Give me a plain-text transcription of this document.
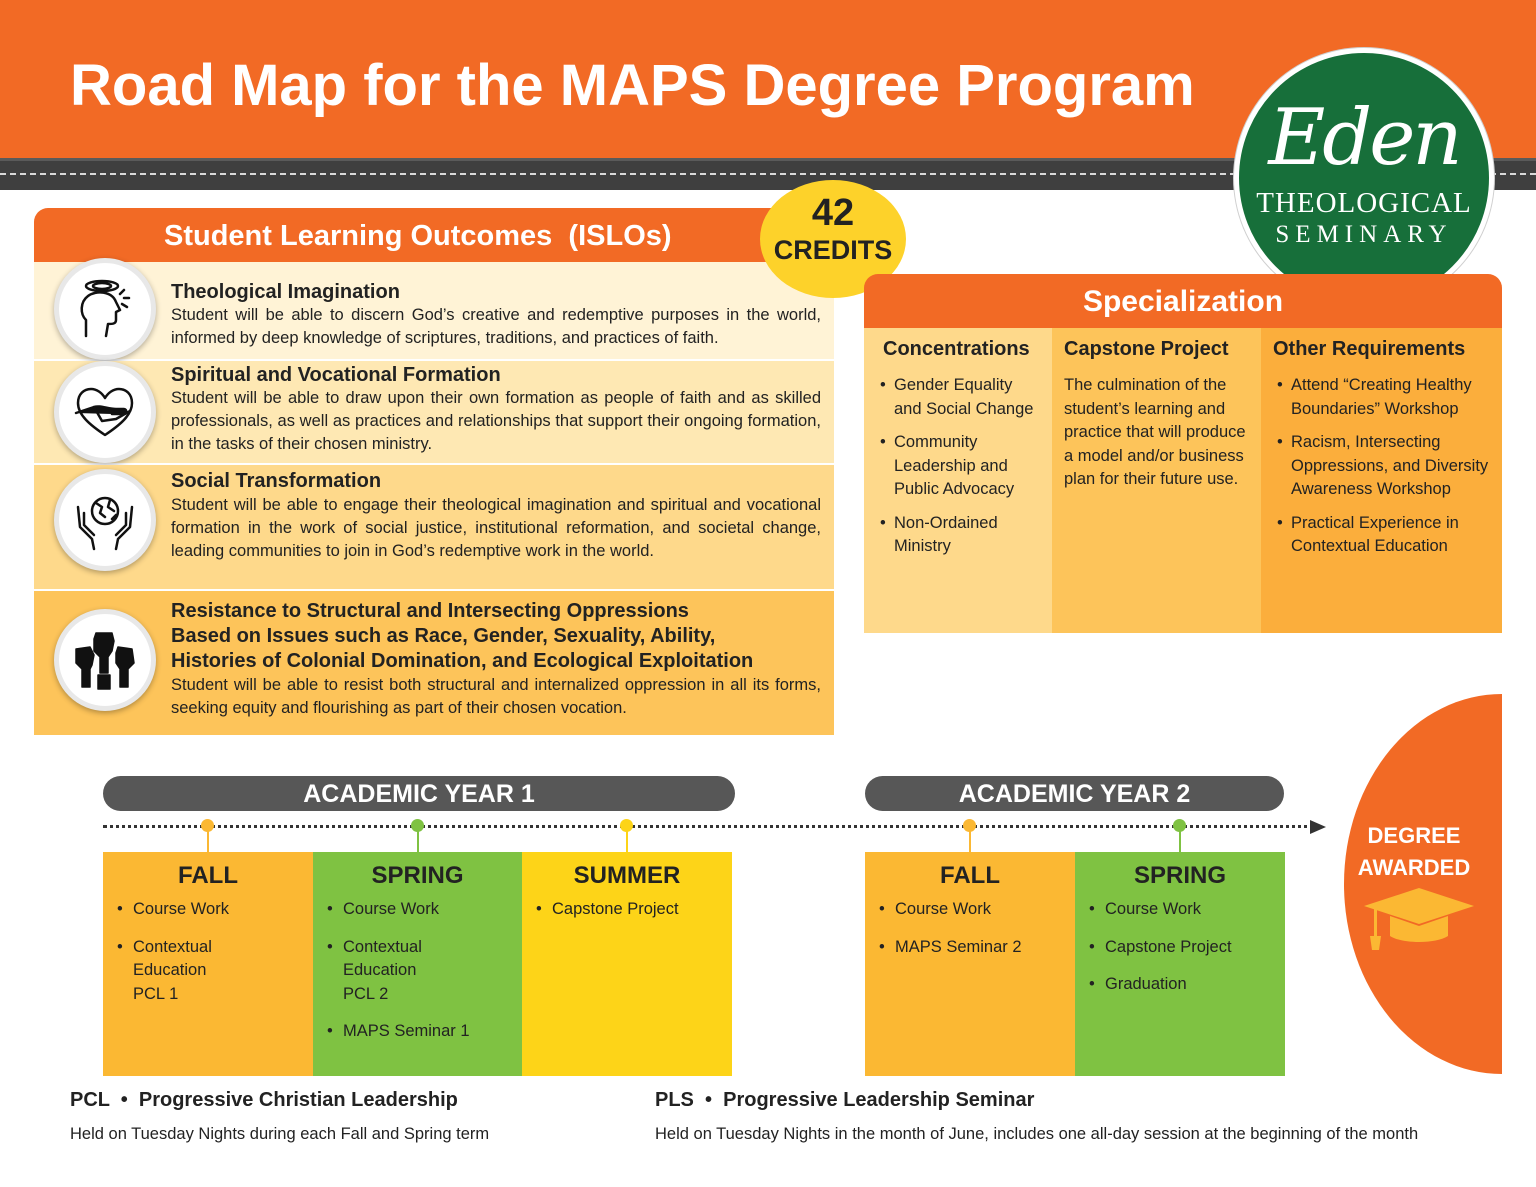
Road Map for the MAPS Degree Program
Eden
THEOLOGICAL
SEMINARY
Student Learning Outcomes  (ISLOs)
Theological Imagination
Student will be able to discern God’s creative and redemptive purposes in the world, informed by deep knowledge of scriptures, traditions, and practices of faith.
Spiritual and Vocational Formation
Student will be able to draw upon their own formation as people of faith and as skilled professionals, as well as practices and relationships that support their ongoing formation, in the tasks of their chosen ministry.
Social Transformation
Student will be able to engage their theological imagination and spiritual and vocational formation in the work of social justice, institutional reformation, and societal change, leading communities to join in God’s redemptive work in the world.
Resistance to Structural and Intersecting Oppressions
Based on Issues such as Race, Gender, Sexuality, Ability,
Histories of Colonial Domination, and Ecological Exploitation
Student will be able to resist both structural and internalized oppression in all its forms, seeking equity and flourishing as part of their chosen vocation.
42
CREDITS
Specialization
Concentrations
• Gender Equality and Social Change
• Community Leadership and Public Advocacy
• Non-Ordained Ministry
Capstone Project
The culmination of the student’s learning and practice that will produce a model and/or business plan for their future use.
Other Requirements
• Attend “Creating Healthy Boundaries” Workshop
• Racism, Intersecting Oppressions, and Diversity Awareness Workshop
• Practical Experience in Contextual Education
ACADEMIC YEAR 1	ACADEMIC YEAR 2
FALL
• Course Work
• Contextual
Education
PCL 1
SPRING
• Course Work
• Contextual
Education
PCL 2
• MAPS Seminar 1
SUMMER
• Capstone Project
FALL
• Course Work
• MAPS Seminar 2
SPRING
• Course Work
• Capstone Project
• Graduation
DEGREE
AWARDED
PCL  •  Progressive Christian Leadership
Held on Tuesday Nights during each Fall and Spring term
PLS  •  Progressive Leadership Seminar
Held on Tuesday Nights in the month of June, includes one all-day session at the beginning of the month
